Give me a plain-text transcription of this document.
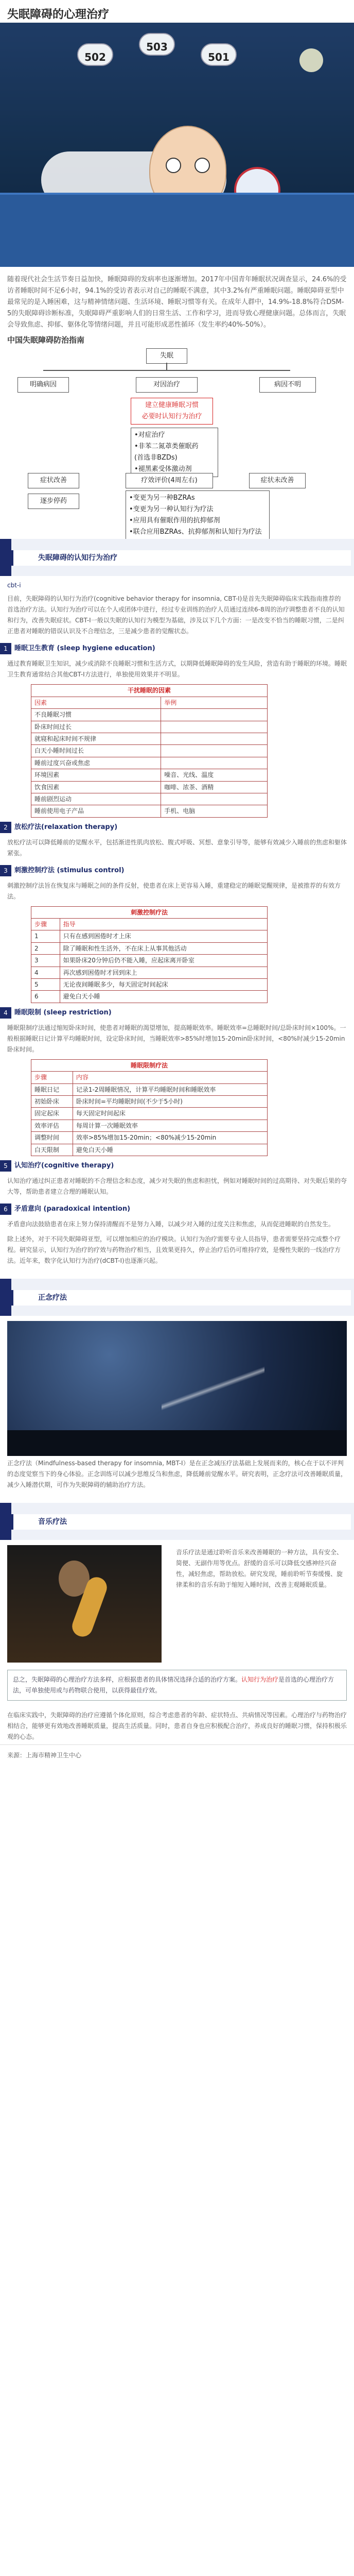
失眠障碍的心理治疗
502
503
501
随着现代社会生活节奏日益加快，睡眠障碍的发病率也逐渐增加。2017年中国青年睡眠状况调查显示，24.6%的受访者睡眠时间不足6小时，94.1%的受访者表示对自己的睡眠不满意，其中3.2%有严重睡眠问题。睡眠障碍亚型中最常见的是入睡困难，这与精神情绪问题、生活环境、睡眠习惯等有关。在成年人群中，14.9%-18.8%符合DSM-5的失眠障碍诊断标准，失眠障碍严重影响人们的日常生活、工作和学习，进而导致心理健康问题。总体而言，失眠会导致焦虑、抑郁、躯体化等情绪问题，并且可能形成恶性循环（发生率约40%-50%）。
中国失眠障碍防治指南
失眠
明确病因	对因治疗	病因不明
建立健康睡眠习惯
必要时认知行为治疗
•对症治疗
•非苯二氮䓬类催眠药
(首选非BZDs)
•褪黑素受体激动剂
症状改善	疗效评价(4周左右)	症状未改善
逐步停药	•变更为另一种BZRAs
•变更为另一种认知行为疗法
•应用具有催眠作用的抗抑郁剂
•联合应用BZRAs、抗抑郁剂和认知行为疗法
失眠障碍的认知行为治疗
cbt-i
目前，失眠障碍的认知行为治疗(cognitive behavior therapy for insomnia, CBT-I)是首先失眠障碍临床实践指南推荐的首选治疗方法。认知行为治疗可以在个人或团体中进行，经过专业训练的治疗人员通过连续6-8周的治疗调整患者不良的认知和行为，改善失眠症状。CBT-I一般以失眠的认知行为模型为基础，涉及以下几个方面：一是改变不恰当的睡眠习惯，二是纠正患者对睡眠的错误认识及不合理信念，三是减少患者的觉醒状态。
1	睡眠卫生教育 (sleep hygiene education)
通过教育睡眠卫生知识，减少或消除不良睡眠习惯和生活方式，以期降低睡眠障碍的发生风险，营造有助于睡眠的环境。睡眠卫生教育通常结合其他CBT-I方法进行，单独使用效果并不明显。
干扰睡眠的因素	
因素	举例
不良睡眠习惯	
卧床时间过长	
就寝和起床时间不规律	
白天小睡时间过长	
睡前过度兴奋或焦虑	
环境因素	噪音、光线、温度
饮食因素	咖啡、浓茶、酒精
睡前剧烈运动	
睡前使用电子产品	手机、电脑
2	放松疗法(relaxation therapy)
放松疗法可以降低睡前的觉醒水平，包括渐进性肌肉放松、腹式呼吸、冥想、意象引导等，能够有效减少入睡前的焦虑和躯体紧张。
3	刺激控制疗法 (stimulus control)
刺激控制疗法旨在恢复床与睡眠之间的条件反射，使患者在床上更容易入睡，重建稳定的睡眠觉醒规律，是被推荐的有效方法。
刺激控制疗法	
步骤	指导
1	只有在感到困倦时才上床
2	除了睡眠和性生活外，不在床上从事其他活动
3	如果卧床20分钟后仍不能入睡，应起床离开卧室
4	再次感到困倦时才回到床上
5	无论夜间睡眠多少，每天固定时间起床
6	避免白天小睡
4	睡眠限制 (sleep restriction)
睡眠限制疗法通过缩短卧床时间，使患者对睡眠的渴望增加，提高睡眠效率。睡眠效率=总睡眠时间/总卧床时间×100%。一般根据睡眠日记计算平均睡眠时间，设定卧床时间，当睡眠效率>85%时增加15-20min卧床时间，<80%时减少15-20min卧床时间。
睡眠限制疗法	
步骤	内容
睡眠日记	记录1-2周睡眠情况，计算平均睡眠时间和睡眠效率
初始卧床	卧床时间=平均睡眠时间(不少于5小时)
固定起床	每天固定时间起床
效率评估	每周计算一次睡眠效率
调整时间	效率>85%增加15-20min；<80%减少15-20min
白天限制	避免白天小睡
5	认知治疗(cognitive therapy)
认知治疗通过纠正患者对睡眠的不合理信念和态度，减少对失眠的焦虑和担忧，例如对睡眠时间的过高期待、对失眠后果的夸大等，帮助患者建立合理的睡眠认知。
6	矛盾意向 (paradoxical intention)
矛盾意向法鼓励患者在床上努力保持清醒而不是努力入睡，以减少对入睡的过度关注和焦虑，从而促进睡眠的自然发生。
除上述外，对于不同失眠障碍亚型，可以增加相应的治疗模块。认知行为治疗需要专业人员指导，患者需要坚持完成整个疗程。研究显示，认知行为治疗的疗效与药物治疗相当，且效果更持久，停止治疗后仍可维持疗效，是慢性失眠的一线治疗方法。近年来，数字化认知行为治疗(dCBT-I)也逐渐兴起。
正念疗法
正念疗法（Mindfulness-based therapy for insomnia, MBT-I）是在正念减压疗法基础上发展而来的，核心在于以不评判的态度觉察当下的身心体验。正念训练可以减少思维反刍和焦虑，降低睡前觉醒水平。研究表明，正念疗法可改善睡眠质量，减少入睡潜伏期，可作为失眠障碍的辅助治疗方法。
音乐疗法
音乐疗法是通过聆听音乐来改善睡眠的一种方法，具有安全、简便、无副作用等优点。舒缓的音乐可以降低交感神经兴奋性，减轻焦虑，帮助放松。研究发现，睡前聆听节奏缓慢、旋律柔和的音乐有助于缩短入睡时间，改善主观睡眠质量。
总之，失眠障碍的心理治疗方法多样，应根据患者的具体情况选择合适的治疗方案。认知行为治疗是首选的心理治疗方法，可单独使用或与药物联合使用，以获得最佳疗效。
在临床实践中，失眠障碍的治疗应遵循个体化原则，综合考虑患者的年龄、症状特点、共病情况等因素。心理治疗与药物治疗相结合，能够更有效地改善睡眠质量，提高生活质量。同时，患者自身也应积极配合治疗，养成良好的睡眠习惯，保持积极乐观的心态。
来源：上海市精神卫生中心
